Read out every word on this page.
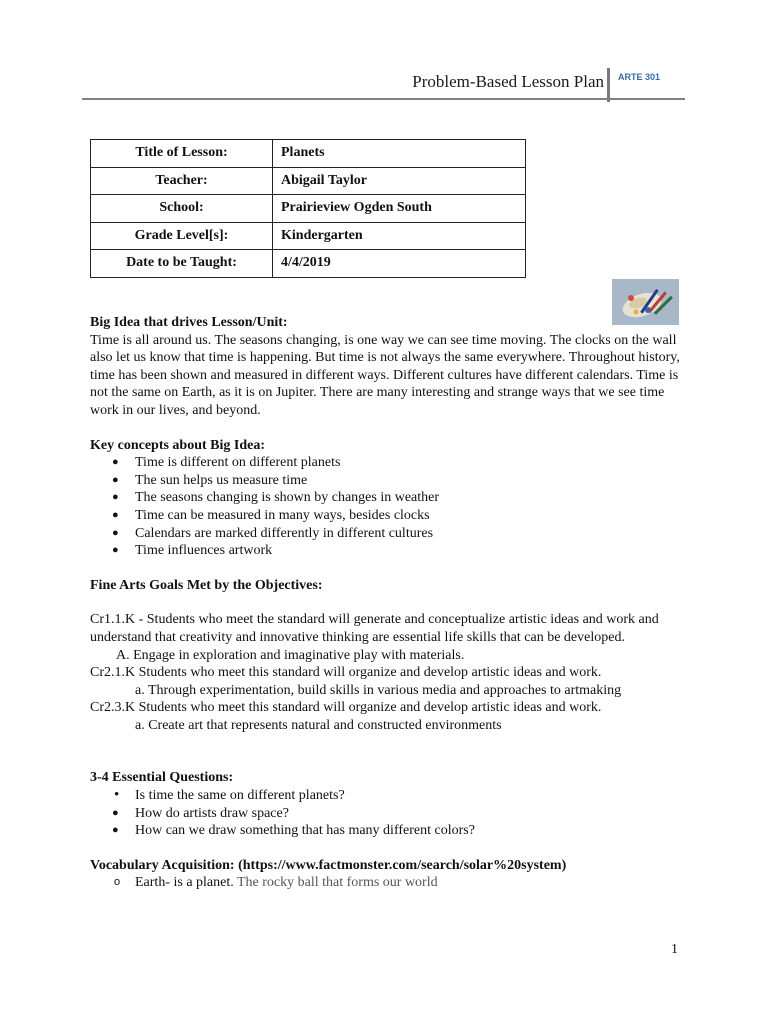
Problem-Based Lesson Plan ARTE 301
Title of Lesson:	Planets
Teacher:	Abigail Taylor
School:	Prairieview Ogden South
Grade Level[s]:	Kindergarten
Date to be Taught:	4/4/2019

Big Idea that drives Lesson/Unit:

Time is all around us. The seasons changing, is one way we can see time moving. The clocks on the wall also let us know that time is happening. But time is not always the same everywhere. Throughout history, time has been shown and measured in different ways. Different cultures have different calendars. Time is not the same on Earth, as it is on Jupiter. There are many interesting and strange ways that we see time work in our lives, and beyond.

Key concepts about Big Idea:

● Time is different on different planets
● The sun helps us measure time
● The seasons changing is shown by changes in weather
● Time can be measured in many ways, besides clocks
● Calendars are marked differently in different cultures
● Time influences artwork

Fine Arts Goals Met by the Objectives:

Cr1.1.K - Students who meet the standard will generate and conceptualize artistic ideas and work and understand that creativity and innovative thinking are essential life skills that can be developed.

A. Engage in exploration and imaginative play with materials.

Cr2.1.K Students who meet this standard will organize and develop artistic ideas and work.

a. Through experimentation, build skills in various media and approaches to artmaking

Cr2.3.K Students who meet this standard will organize and develop artistic ideas and work.

a. Create art that represents natural and constructed environments

3-4 Essential Questions:

• Is time the same on different planets?
● How do artists draw space?
● How can we draw something that has many different colors?

Vocabulary Acquisition: (https://www.factmonster.com/search/solar%20system)

o Earth- is a planet. The rocky ball that forms our world
1
